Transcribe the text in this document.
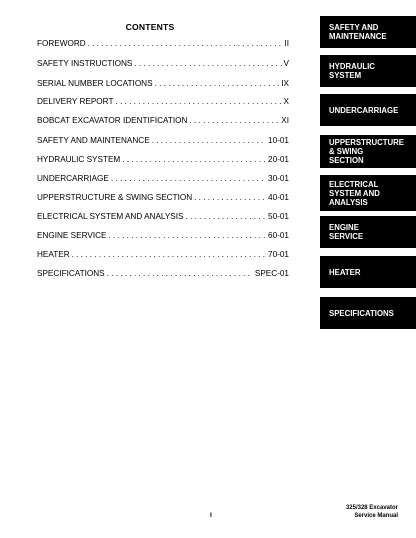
CONTENTS
FOREWORD . . .	II
SAFETY INSTRUCTIONS . . .	V
SERIAL NUMBER LOCATIONS . . .	IX
DELIVERY REPORT . . .	X
BOBCAT EXCAVATOR IDENTIFICATION . . .	XI
SAFETY AND MAINTENANCE . . .	10-01
HYDRAULIC SYSTEM . . .	20-01
UNDERCARRIAGE . . .	30-01
UPPERSTRUCTURE & SWING SECTION . . .	40-01
ELECTRICAL SYSTEM AND ANALYSIS . . .	50-01
ENGINE SERVICE . . .	60-01
HEATER . . .	70-01
SPECIFICATIONS . . .	SPEC-01
SAFETY AND
MAINTENANCE
HYDRAULIC
SYSTEM
UNDERCARRIAGE
UPPERSTRUCTURE
& SWING
SECTION
ELECTRICAL
SYSTEM AND
ANALYSIS
ENGINE
SERVICE
HEATER
SPECIFICATIONS
I
325/328 Excavator
Service Manual
